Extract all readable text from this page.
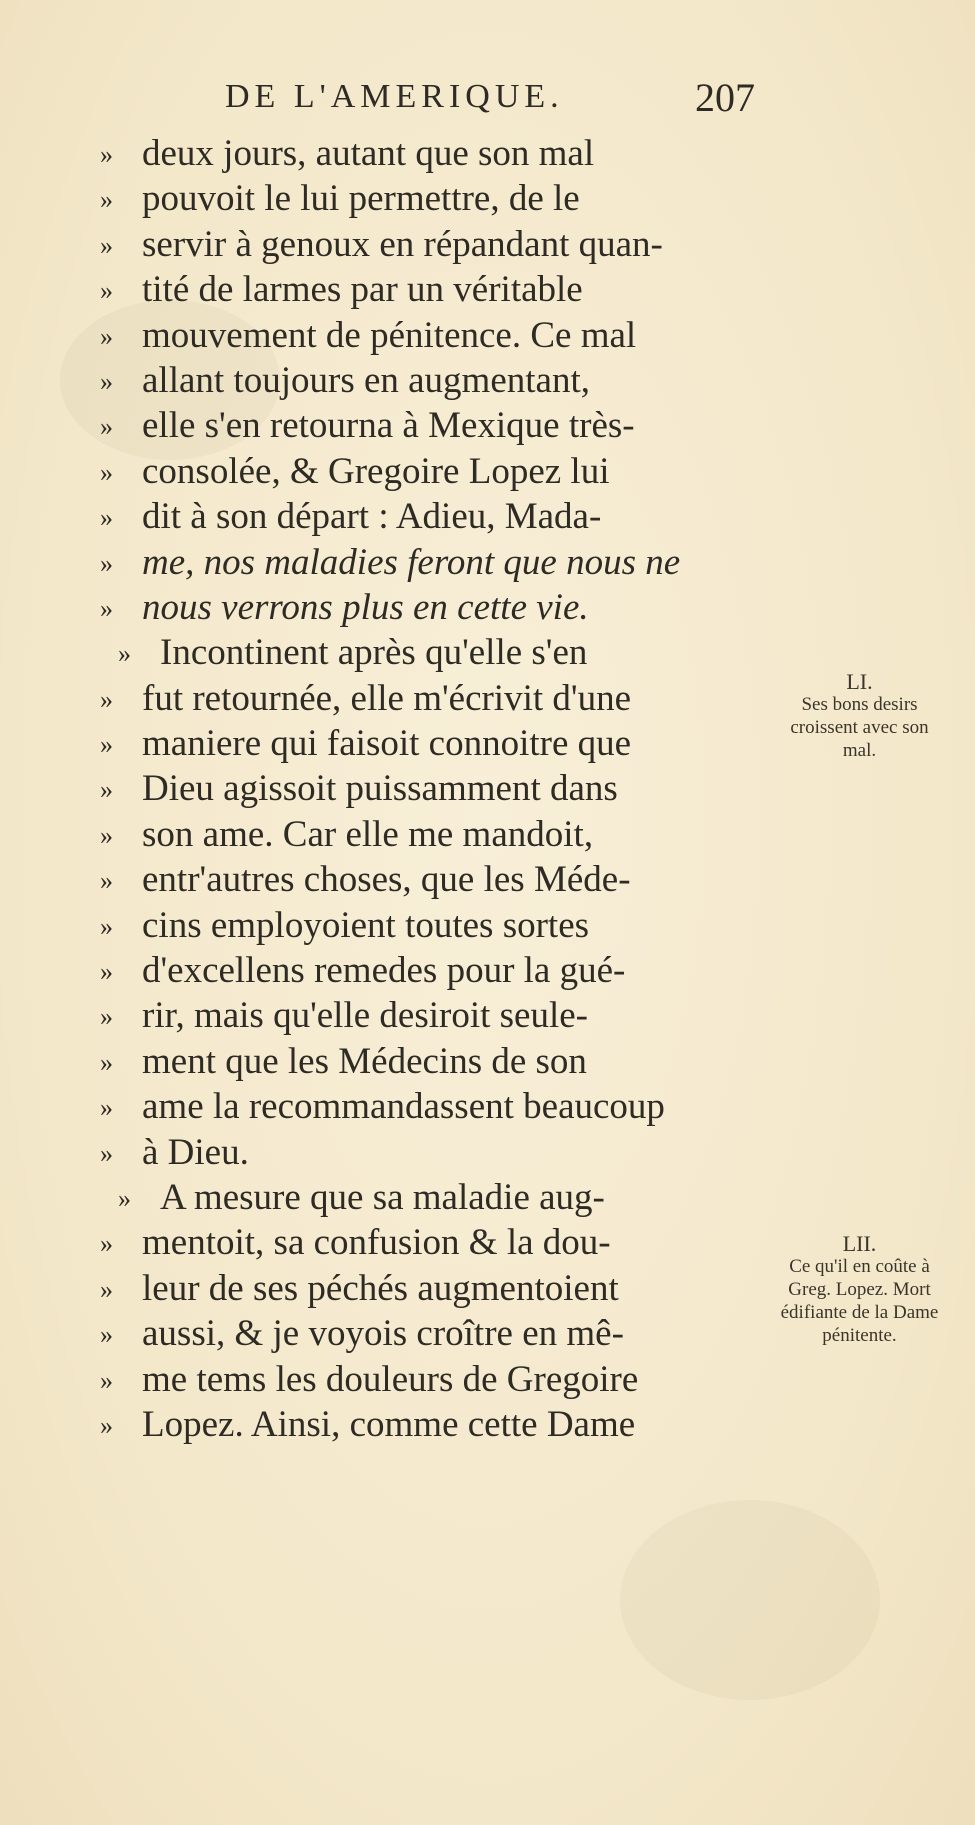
DE L'AMERIQUE.	207
» deux jours, autant que son mal
» pouvoit le lui permettre, de le
» servir à genoux en répandant quan-
» tité de larmes par un véritable
» mouvement de pénitence. Ce mal
» allant toujours en augmentant,
» elle s'en retourna à Mexique très-
» consolée, & Gregoire Lopez lui
» dit à son départ : Adieu, Mada-
» me, nos maladies feront que nous ne
» nous verrons plus en cette vie.
» Incontinent après qu'elle s'en
» fut retournée, elle m'écrivit d'une
» maniere qui faisoit connoitre que
» Dieu agissoit puissamment dans
» son ame. Car elle me mandoit,
» entr'autres choses, que les Méde-
» cins employoient toutes sortes
» d'excellens remedes pour la gué-
» rir, mais qu'elle desiroit seule-
» ment que les Médecins de son
» ame la recommandassent beaucoup
» à Dieu.
» A mesure que sa maladie aug-
» mentoit, sa confusion & la dou-
» leur de ses péchés augmentoient
» aussi, & je voyois croître en mê-
» me tems les douleurs de Gregoire
» Lopez. Ainsi, comme cette Dame
LI.
Ses bons desirs croissent avec son mal.
LII.
Ce qu'il en coûte à Greg. Lopez. Mort édifiante de la Dame pénitente.
